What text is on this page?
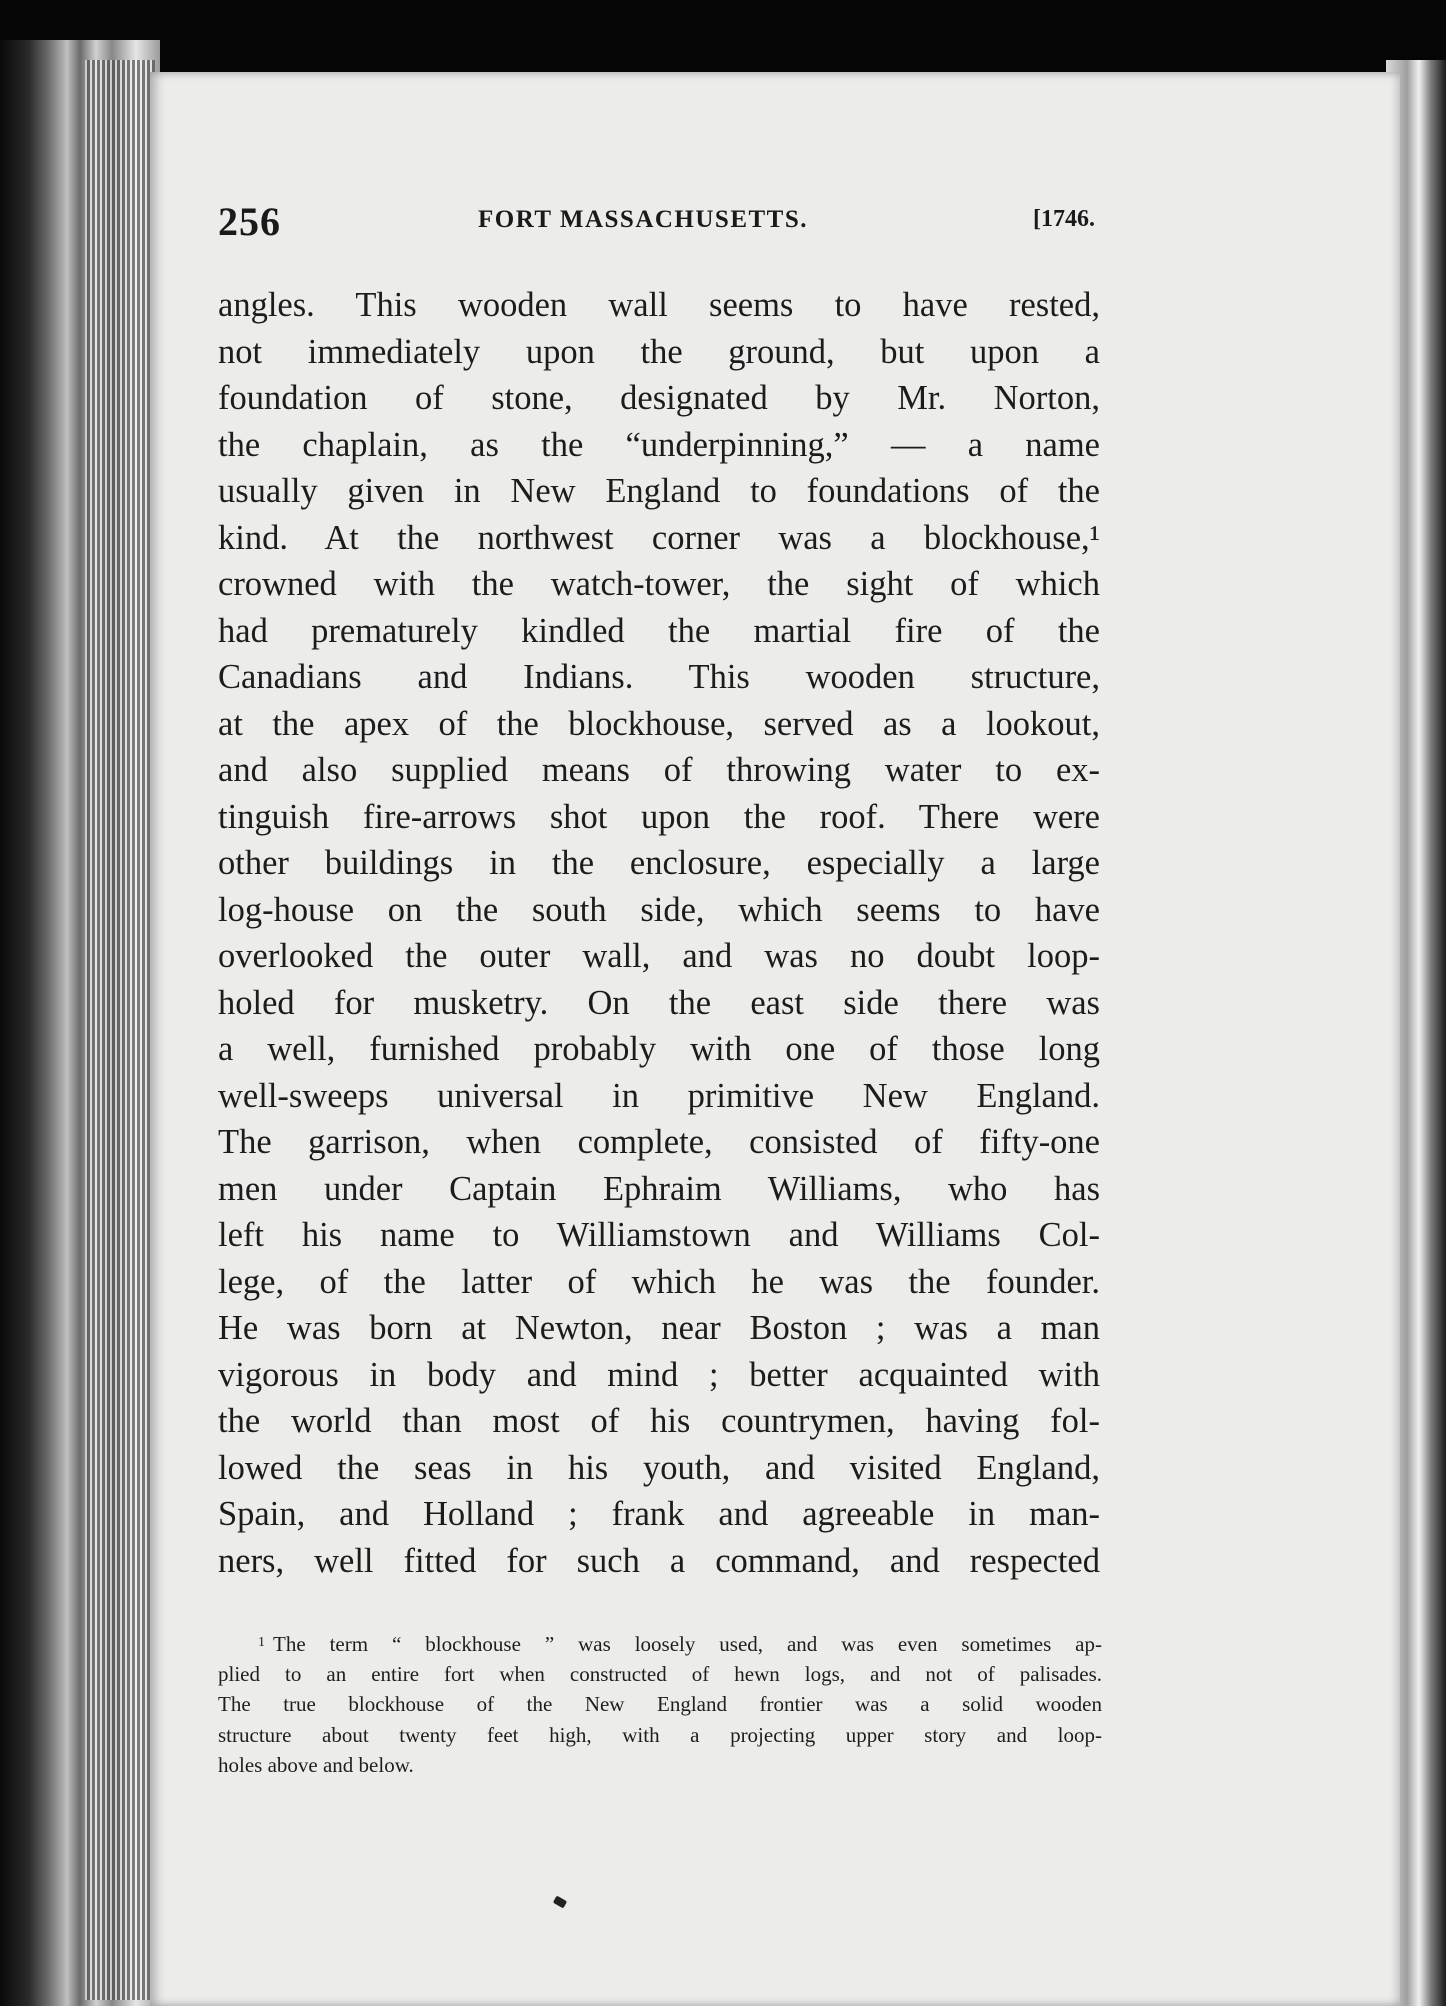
256	FORT MASSACHUSETTS.	[1746.
angles. This wooden wall seems to have rested,
not immediately upon the ground, but upon a
foundation of stone, designated by Mr. Norton,
the chaplain, as the “underpinning,” — a name
usually given in New England to foundations of the
kind. At the northwest corner was a blockhouse,¹
crowned with the watch-tower, the sight of which
had prematurely kindled the martial fire of the
Canadians and Indians. This wooden structure,
at the apex of the blockhouse, served as a lookout,
and also supplied means of throwing water to ex-
tinguish fire-arrows shot upon the roof. There were
other buildings in the enclosure, especially a large
log-house on the south side, which seems to have
overlooked the outer wall, and was no doubt loop-
holed for musketry. On the east side there was
a well, furnished probably with one of those long
well-sweeps universal in primitive New England.
The garrison, when complete, consisted of fifty-one
men under Captain Ephraim Williams, who has
left his name to Williamstown and Williams Col-
lege, of the latter of which he was the founder.
He was born at Newton, near Boston ; was a man
vigorous in body and mind ; better acquainted with
the world than most of his countrymen, having fol-
lowed the seas in his youth, and visited England,
Spain, and Holland ; frank and agreeable in man-
ners, well fitted for such a command, and respected
$^1$ The term “ blockhouse ” was loosely used, and was even sometimes ap-
plied to an entire fort when constructed of hewn logs, and not of palisades.
The true blockhouse of the New England frontier was a solid wooden
structure about twenty feet high, with a projecting upper story and loop-
holes above and below.
